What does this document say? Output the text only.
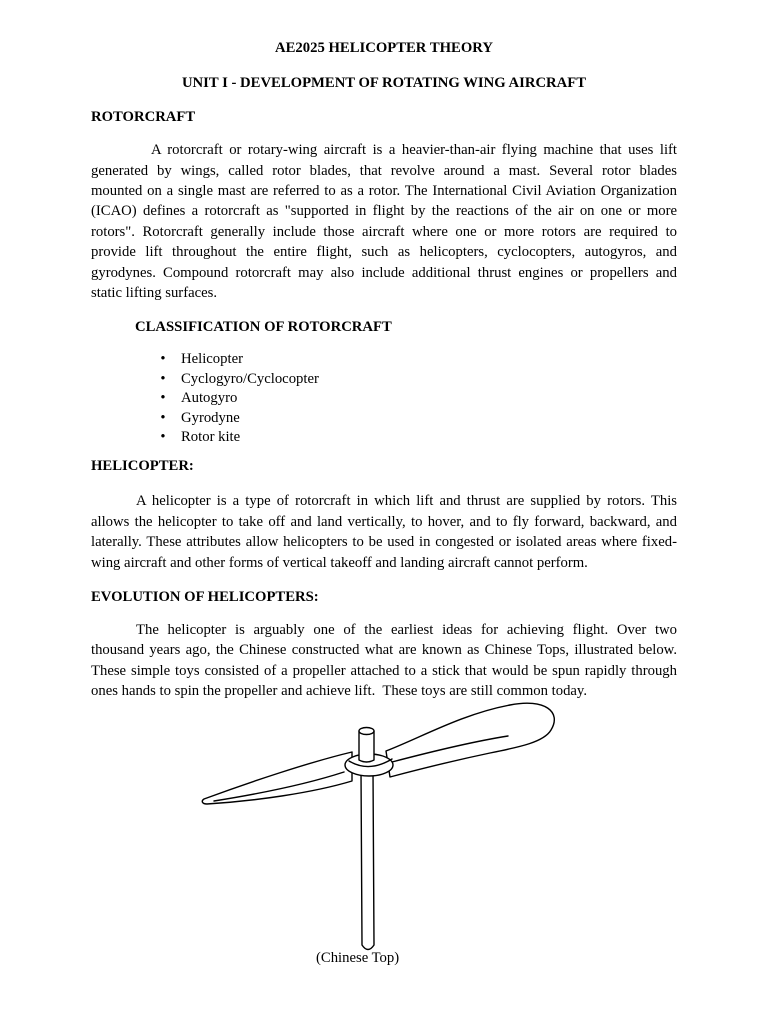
AE2025 HELICOPTER THEORY
UNIT I - DEVELOPMENT OF ROTATING WING AIRCRAFT
ROTORCRAFT
A rotorcraft or rotary-wing aircraft is a heavier-than-air flying machine that uses lift
generated by wings, called rotor blades, that revolve around a mast. Several rotor blades
mounted on a single mast are referred to as a rotor. The International Civil Aviation Organization
(ICAO) defines a rotorcraft as "supported in flight by the reactions of the air on one or more
rotors". Rotorcraft generally include those aircraft where one or more rotors are required to
provide lift throughout the entire flight, such as helicopters, cyclocopters, autogyros, and
gyrodynes. Compound rotorcraft may also include additional thrust engines or propellers and
static lifting surfaces.
CLASSIFICATION OF ROTORCRAFT
•
Helicopter
•
Cyclogyro/Cyclocopter
•
Autogyro
•
Gyrodyne
•
Rotor kite
HELICOPTER:
A helicopter is a type of rotorcraft in which lift and thrust are supplied by rotors. This
allows the helicopter to take off and land vertically, to hover, and to fly forward, backward, and
laterally. These attributes allow helicopters to be used in congested or isolated areas where fixed-
wing aircraft and other forms of vertical takeoff and landing aircraft cannot perform.
EVOLUTION OF HELICOPTERS:
The helicopter is arguably one of the earliest ideas for achieving flight. Over two
thousand years ago, the Chinese constructed what are known as Chinese Tops, illustrated below.
These simple toys consisted of a propeller attached to a stick that would be spun rapidly through
ones hands to spin the propeller and achieve lift.  These toys are still common today.
(Chinese Top)
